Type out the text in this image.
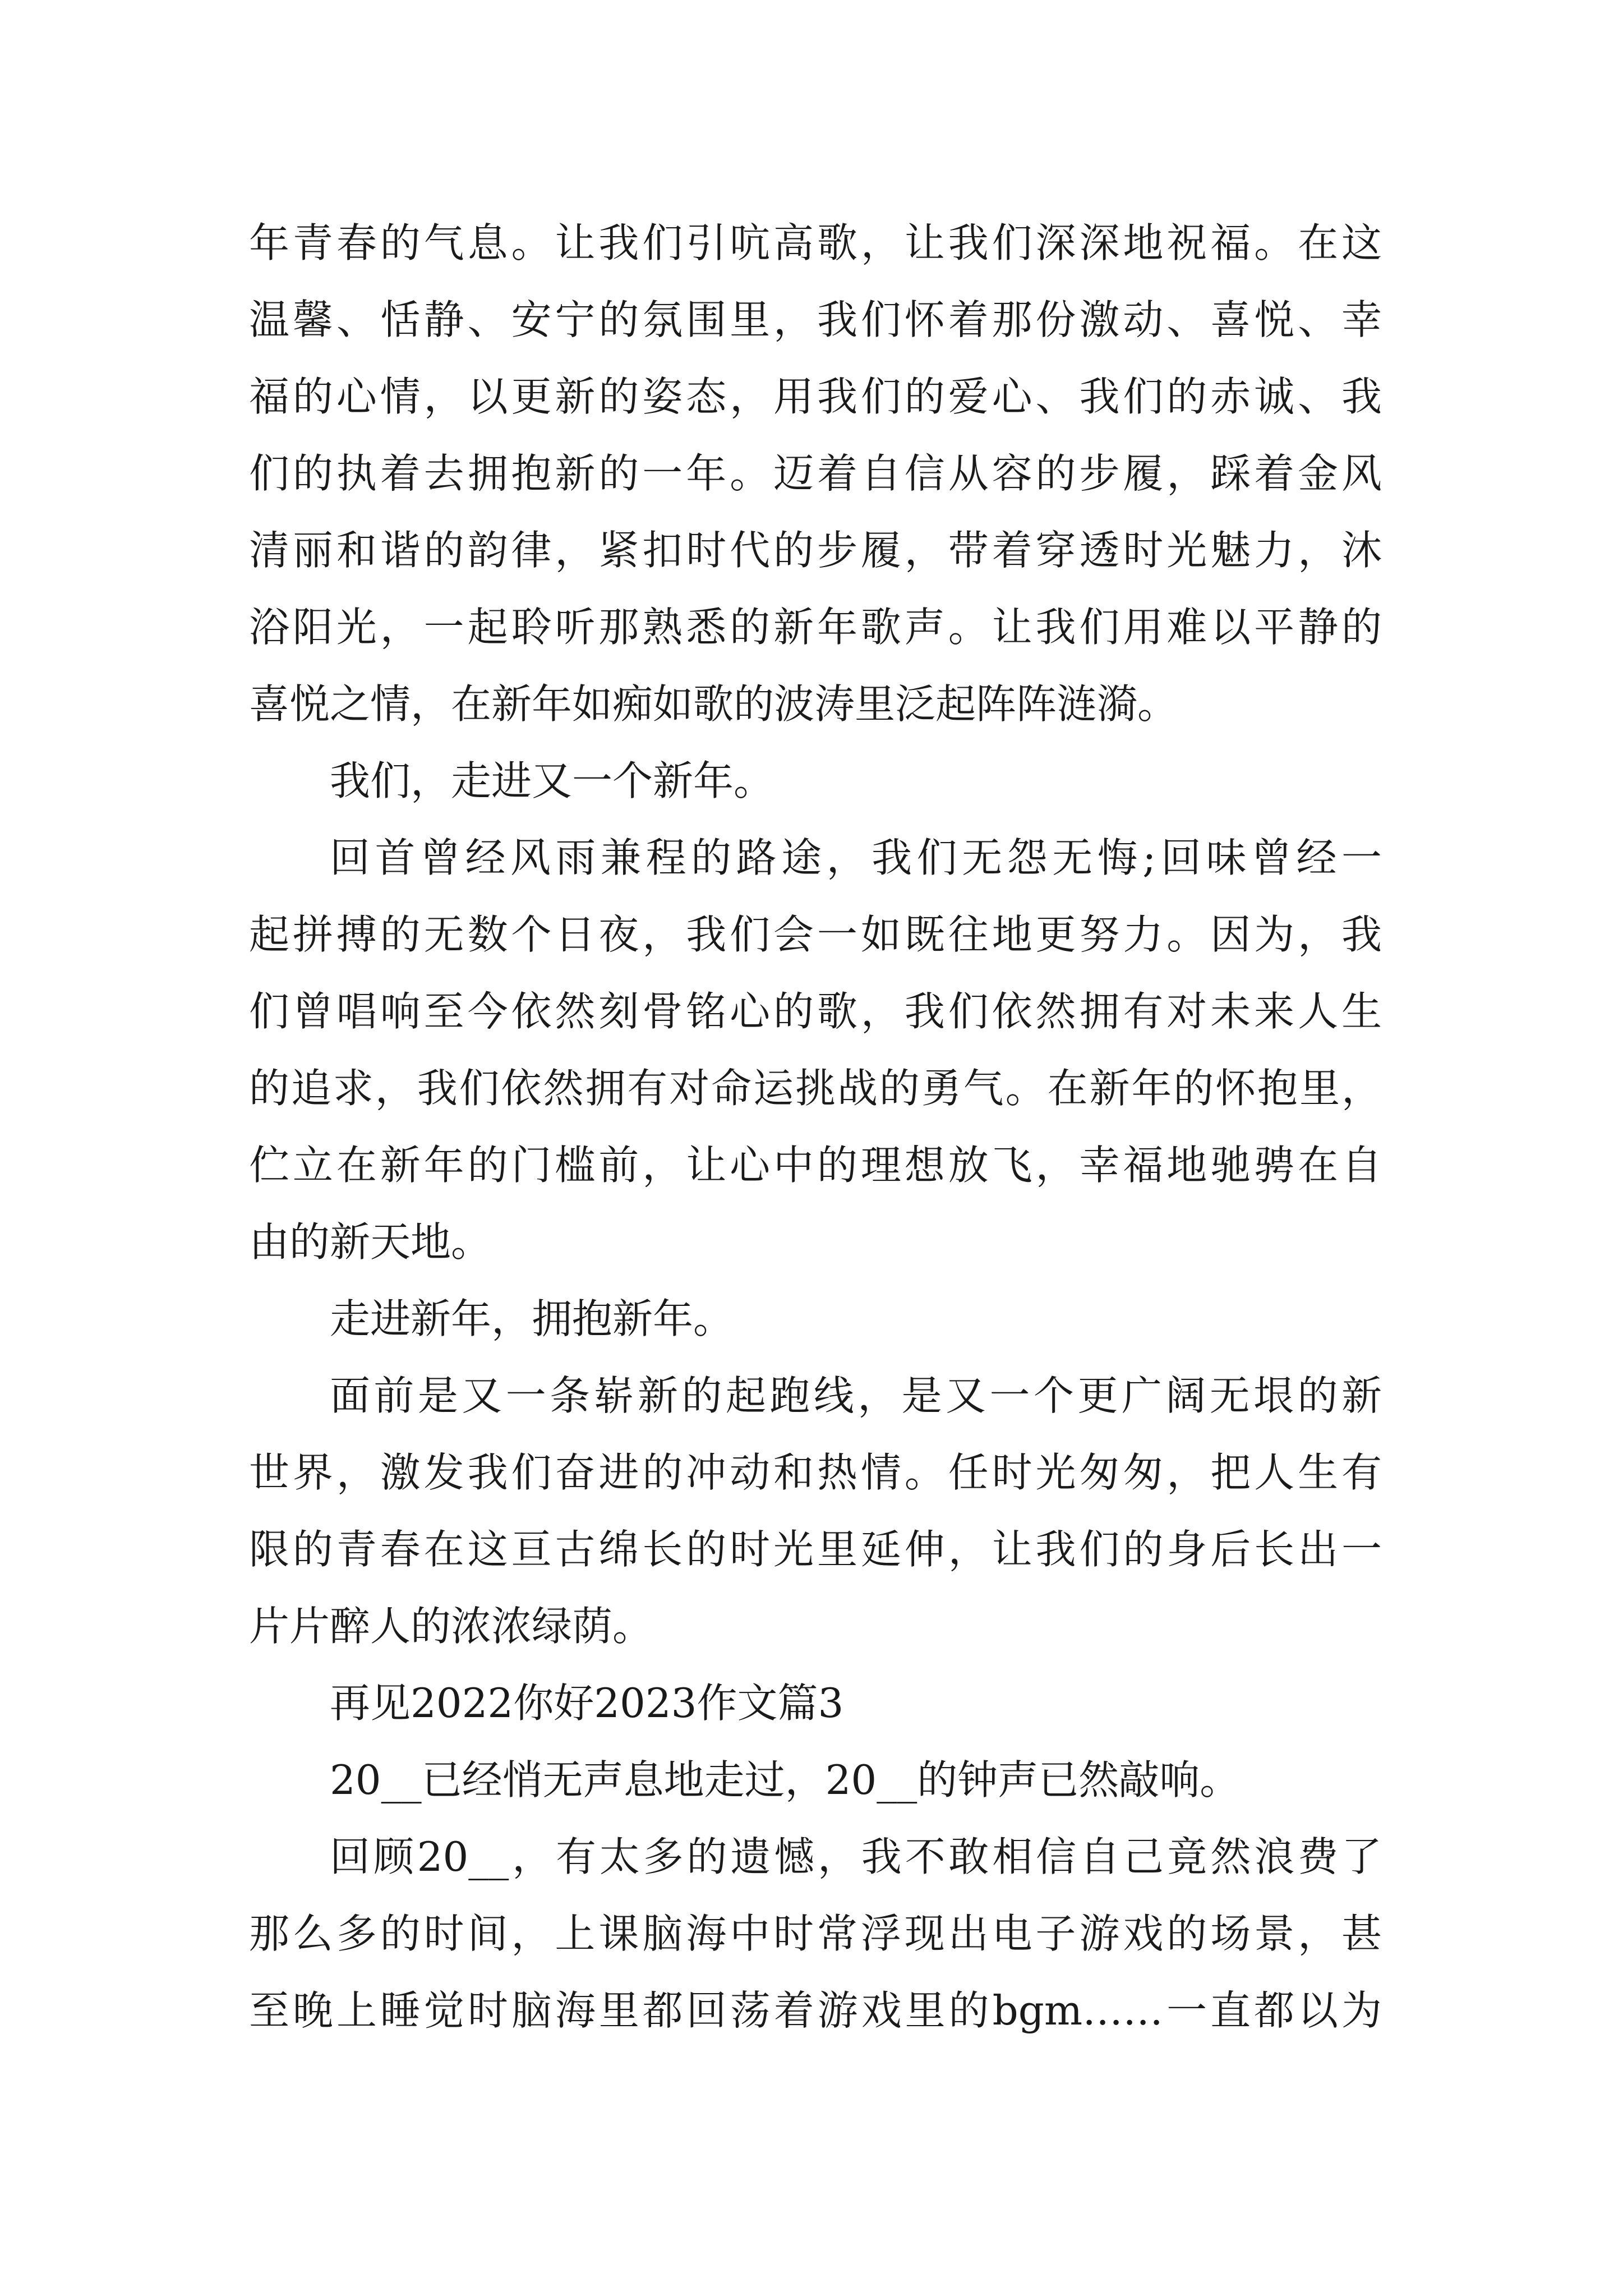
年青春的气息。让我们引吭高歌，让我们深深地祝福。在这
温馨、恬静、安宁的氛围里，我们怀着那份激动、喜悦、幸
福的心情，以更新的姿态，用我们的爱心、我们的赤诚、我
们的执着去拥抱新的一年。迈着自信从容的步履，踩着金风
清丽和谐的韵律，紧扣时代的步履，带着穿透时光魅力，沐
浴阳光，一起聆听那熟悉的新年歌声。让我们用难以平静的
喜悦之情，在新年如痴如歌的波涛里泛起阵阵涟漪。
我们，走进又一个新年。
回首曾经风雨兼程的路途，我们无怨无悔;回味曾经一
起拼搏的无数个日夜，我们会一如既往地更努力。因为，我
们曾唱响至今依然刻骨铭心的歌，我们依然拥有对未来人生
的追求，我们依然拥有对命运挑战的勇气。在新年的怀抱里，
伫立在新年的门槛前，让心中的理想放飞，幸福地驰骋在自
由的新天地。
走进新年，拥抱新年。
面前是又一条崭新的起跑线，是又一个更广阔无垠的新
世界，激发我们奋进的冲动和热情。任时光匆匆，把人生有
限的青春在这亘古绵长的时光里延伸，让我们的身后长出一
片片醉人的浓浓绿荫。
再见2022你好2023作文篇3
20__已经悄无声息地走过，20__的钟声已然敲响。
回顾20__，有太多的遗憾，我不敢相信自己竟然浪费了
那么多的时间，上课脑海中时常浮现出电子游戏的场景，甚
至晚上睡觉时脑海里都回荡着游戏里的bgm……一直都以为
